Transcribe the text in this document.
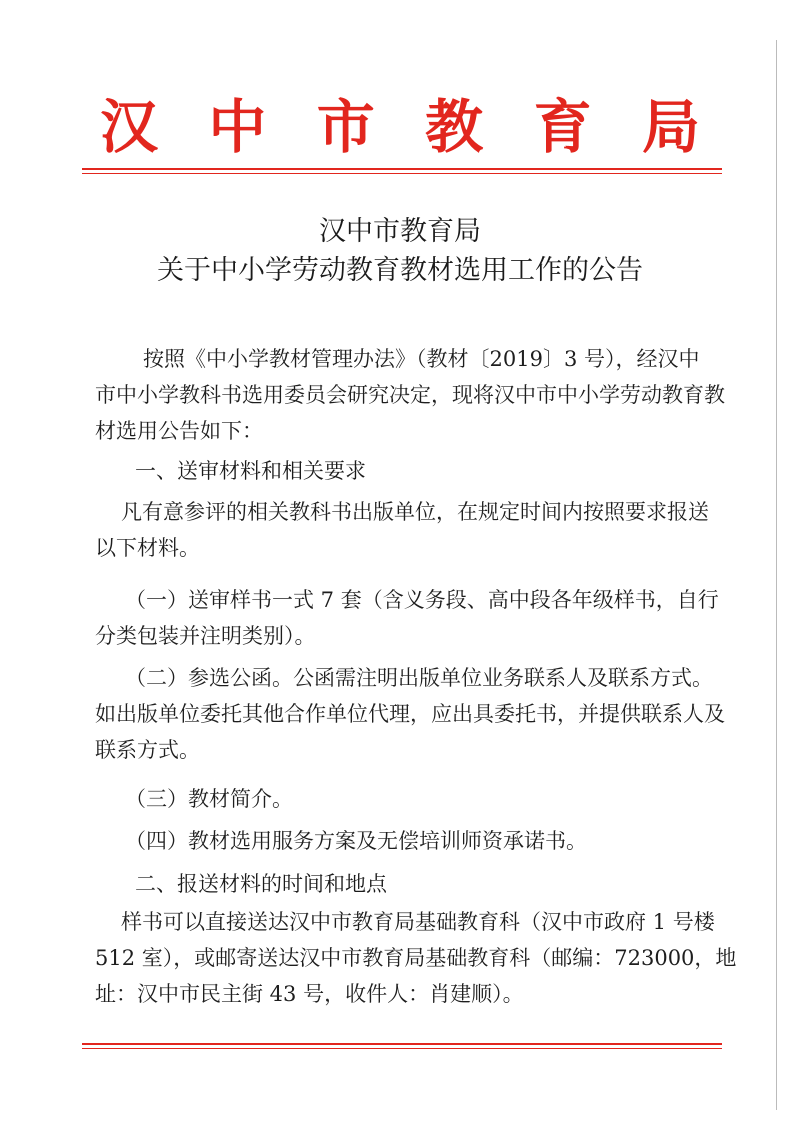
汉 中 市 教 育 局
汉中市教育局
关于中小学劳动教育教材选用工作的公告
按照《中小学教材管理办法》（教材〔2019〕3 号），经汉中
市中小学教科书选用委员会研究决定，现将汉中市中小学劳动教育教
材选用公告如下：
一、送审材料和相关要求
凡有意参评的相关教科书出版单位，在规定时间内按照要求报送
以下材料。
（一）送审样书一式 7 套（含义务段、高中段各年级样书，自行
分类包装并注明类别）。
（二）参选公函。公函需注明出版单位业务联系人及联系方式。
如出版单位委托其他合作单位代理，应出具委托书，并提供联系人及
联系方式。
（三）教材简介。
（四）教材选用服务方案及无偿培训师资承诺书。
二、报送材料的时间和地点
样书可以直接送达汉中市教育局基础教育科（汉中市政府 1 号楼
512 室），或邮寄送达汉中市教育局基础教育科（邮编：723000，地
址：汉中市民主街 43 号，收件人：肖建顺）。
